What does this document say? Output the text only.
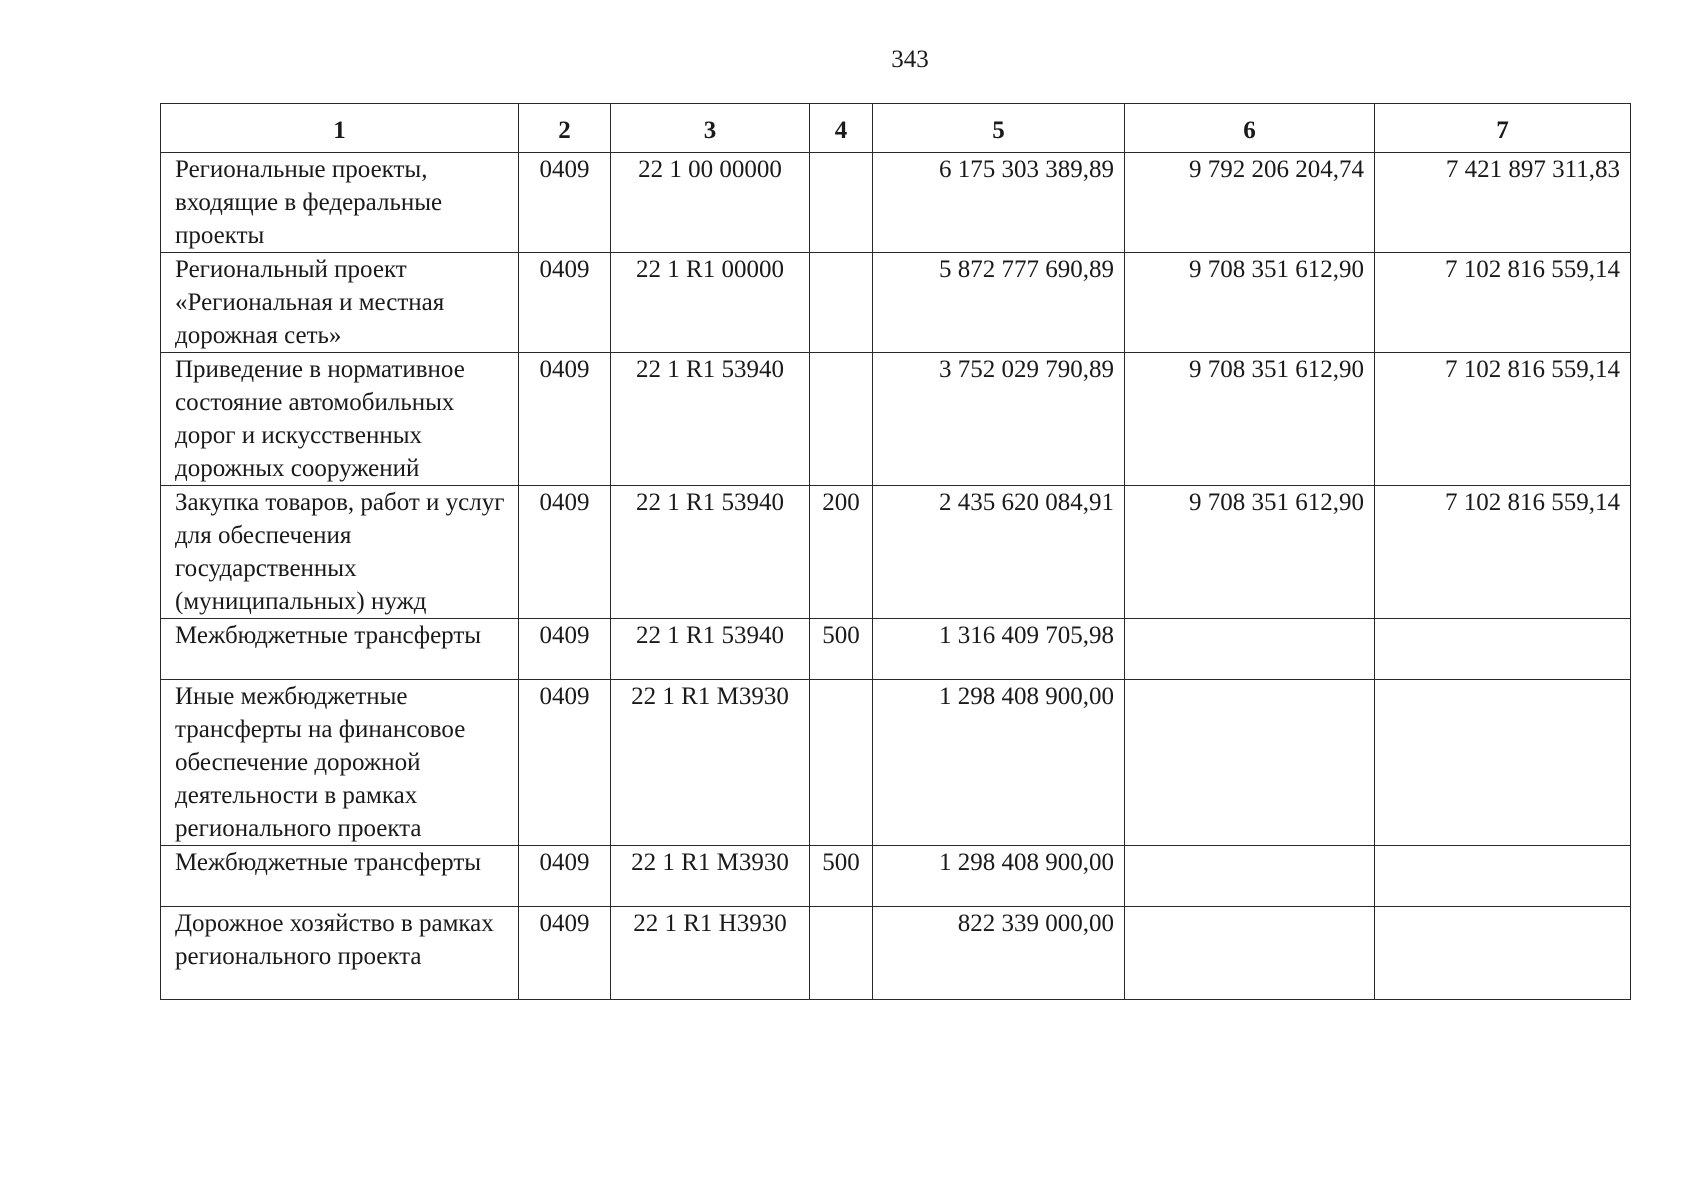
343
1	2	3	4	5	6	7
Региональные проекты, входящие в федеральные проекты	0409	22 1 00 00000		6 175 303 389,89	9 792 206 204,74	7 421 897 311,83
Региональный проект «Региональная и местная дорожная сеть»	0409	22 1 R1 00000		5 872 777 690,89	9 708 351 612,90	7 102 816 559,14
Приведение в нормативное состояние автомобильных дорог и искусственных дорожных сооружений	0409	22 1 R1 53940		3 752 029 790,89	9 708 351 612,90	7 102 816 559,14
Закупка товаров, работ и услуг для обеспечения государственных (муниципальных) нужд	0409	22 1 R1 53940	200	2 435 620 084,91	9 708 351 612,90	7 102 816 559,14
Межбюджетные трансферты	0409	22 1 R1 53940	500	1 316 409 705,98		
Иные межбюджетные трансферты на финансовое обеспечение дорожной деятельности в рамках регионального проекта	0409	22 1 R1 M3930		1 298 408 900,00		
Межбюджетные трансферты	0409	22 1 R1 M3930	500	1 298 408 900,00		
Дорожное хозяйство в рамках регионального проекта	0409	22 1 R1 Н3930		822 339 000,00		
